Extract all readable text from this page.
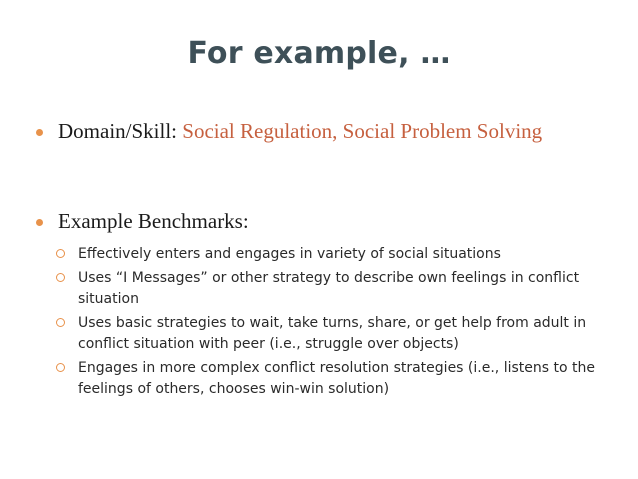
For example, …
Domain/Skill: Social Regulation, Social Problem Solving
Example Benchmarks:
Effectively enters and engages in variety of social situations
Uses “I Messages” or other strategy to describe own feelings in conflict situation
Uses basic strategies to wait, take turns, share, or get help from adult in conflict situation with peer (i.e., struggle over objects)
Engages in more complex conflict resolution strategies (i.e., listens to the feelings of others, chooses win-win solution)
